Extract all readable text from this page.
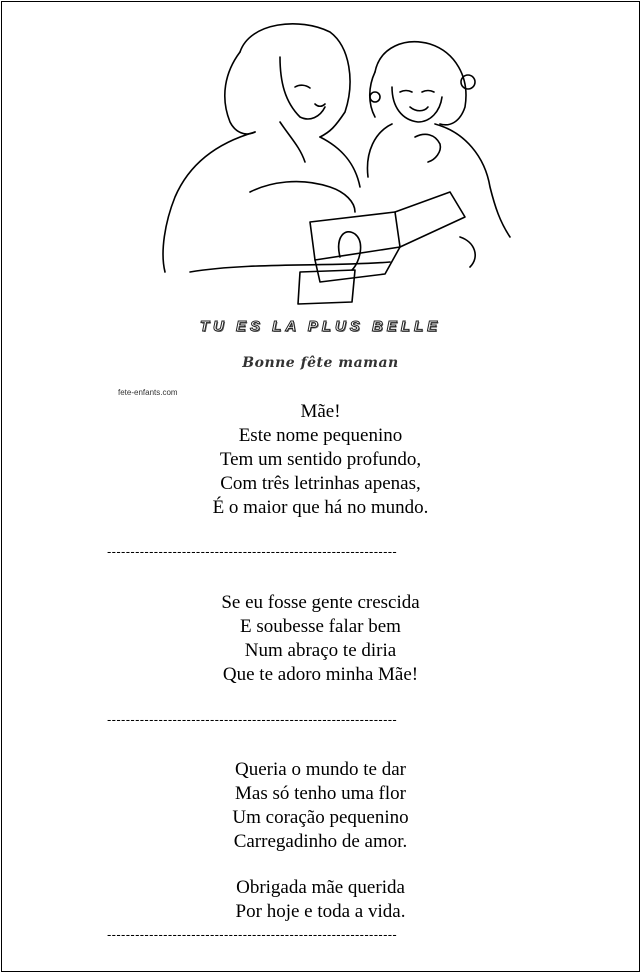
TU ES LA PLUS BELLE
Bonne fête maman
fete-enfants.com
Mãe!
Este nome pequenino
Tem um sentido profundo,
Com três letrinhas apenas,
É o maior que há no mundo.
--------------------------------------------------------------
Se eu fosse gente crescida
E soubesse falar bem
Num abraço te diria
Que te adoro minha Mãe!
--------------------------------------------------------------
Queria o mundo te dar
Mas só tenho uma flor
Um coração pequenino
Carregadinho de amor.
Obrigada mãe querida
Por hoje e toda a vida.
--------------------------------------------------------------
